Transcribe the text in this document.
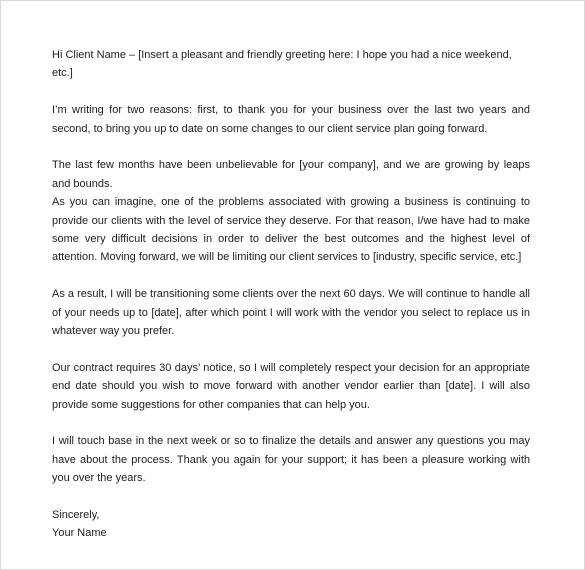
Hi Client Name – [Insert a pleasant and friendly greeting here: I hope you had a nice weekend, etc.]

I’m writing for two reasons: first, to thank you for your business over the last two years and second, to bring you up to date on some changes to our client service plan going forward.

The last few months have been unbelievable for [your company], and we are growing by leaps and bounds.

As you can imagine, one of the problems associated with growing a business is continuing to provide our clients with the level of service they deserve. For that reason, I/we have had to make some very difficult decisions in order to deliver the best outcomes and the highest level of attention. Moving forward, we will be limiting our client services to [industry, specific service, etc.]

As a result, I will be transitioning some clients over the next 60 days. We will continue to handle all of your needs up to [date], after which point I will work with the vendor you select to replace us in whatever way you prefer.

Our contract requires 30 days’ notice, so I will completely respect your decision for an appropriate end date should you wish to move forward with another vendor earlier than [date]. I will also provide some suggestions for other companies that can help you.

I will touch base in the next week or so to finalize the details and answer any questions you may have about the process. Thank you again for your support; it has been a pleasure working with you over the years.

Sincerely,

Your Name
